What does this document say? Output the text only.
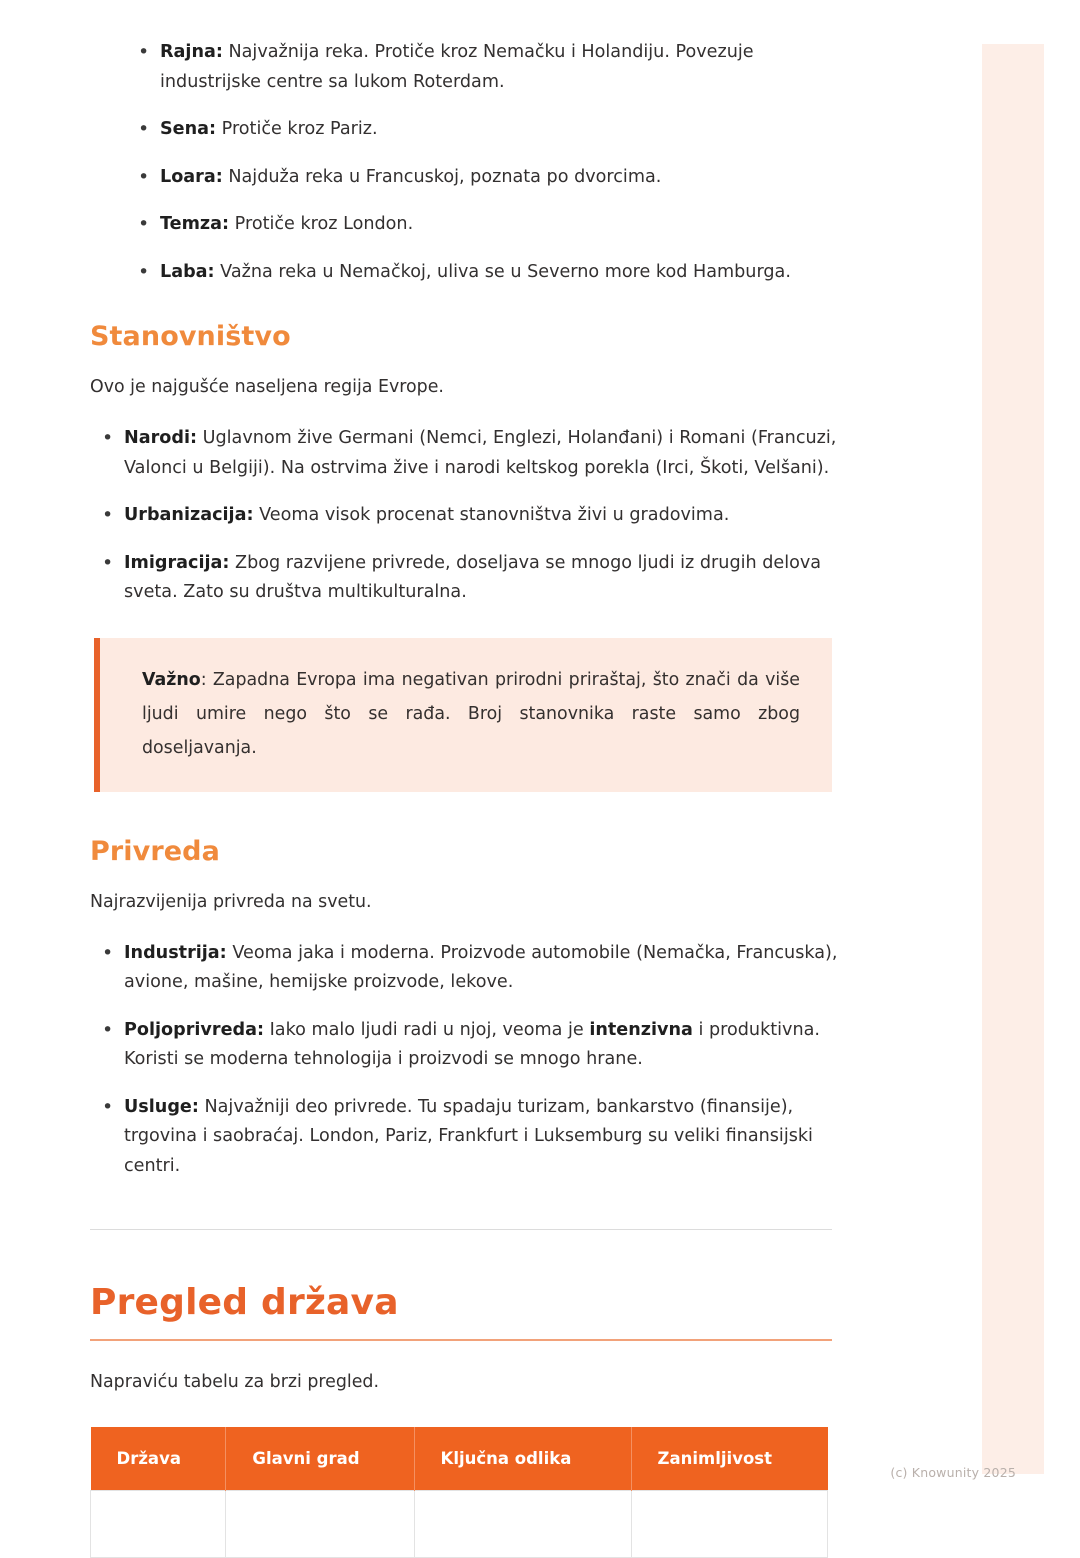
• Rajna: Najvažnija reka. Protiče kroz Nemačku i Holandiju. Povezuje industrijske centre sa lukom Roterdam.
• Sena: Protiče kroz Pariz.
• Loara: Najduža reka u Francuskoj, poznata po dvorcima.
• Temza: Protiče kroz London.
• Laba: Važna reka u Nemačkoj, uliva se u Severno more kod Hamburga.
Stanovništvo

Ovo je najgušće naseljena regija Evrope.

• Narodi: Uglavnom žive Germani (Nemci, Englezi, Holanđani) i Romani (Francuzi, Valonci u Belgiji). Na ostrvima žive i narodi keltskog porekla (Irci, Škoti, Velšani).
• Urbanizacija: Veoma visok procenat stanovništva živi u gradovima.
• Imigracija: Zbog razvijene privrede, doseljava se mnogo ljudi iz drugih delova sveta. Zato su društva multikulturalna.

Važno: Zapadna Evropa ima negativan prirodni priraštaj, što znači da više ljudi umire nego što se rađa. Broj stanovnika raste samo zbog doseljavanja.

Privreda

Najrazvijenija privreda na svetu.

• Industrija: Veoma jaka i moderna. Proizvode automobile (Nemačka, Francuska), avione, mašine, hemijske proizvode, lekove.
• Poljoprivreda: Iako malo ljudi radi u njoj, veoma je intenzivna i produktivna. Koristi se moderna tehnologija i proizvodi se mnogo hrane.
• Usluge: Najvažniji deo privrede. Tu spadaju turizam, bankarstvo (finansije), trgovina i saobraćaj. London, Pariz, Frankfurt i Luksemburg su veliki finansijski centri.
Pregled država

Napraviću tabelu za brzi pregled.

Država	Glavni grad	Ključna odlika	Zanimljivost

(c) Knowunity 2025
